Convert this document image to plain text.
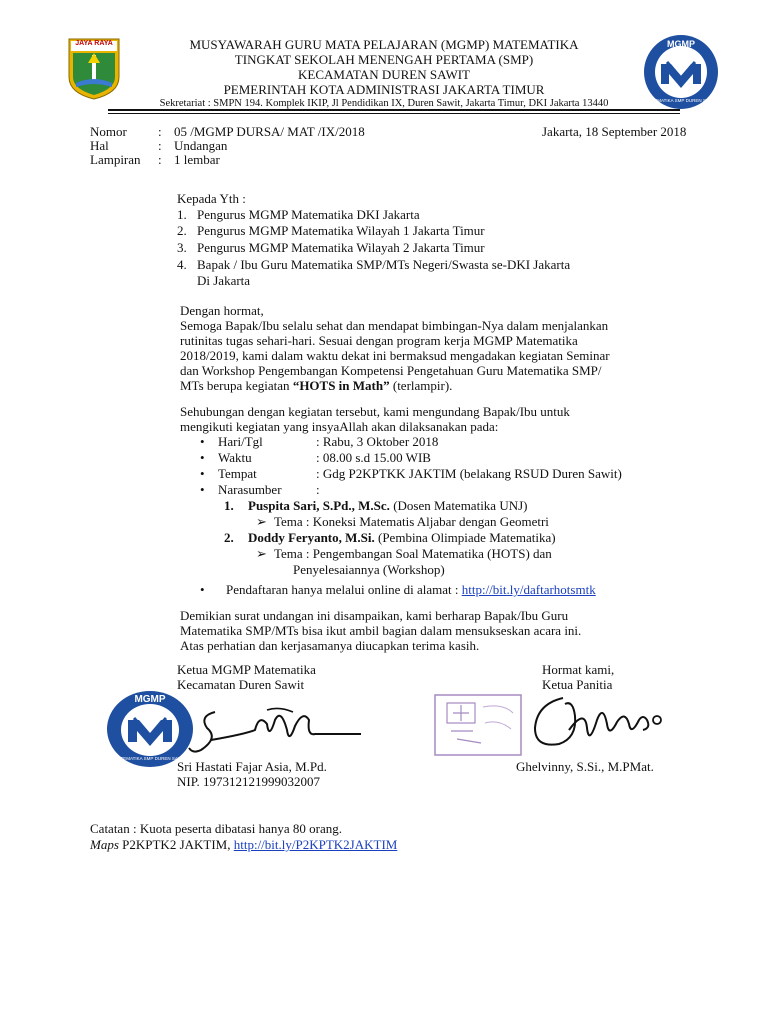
JAYA RAYA	MUSYAWARAH GURU MATA PELAJARAN (MGMP) MATEMATIKA
TINGKAT SEKOLAH MENENGAH PERTAMA (SMP)
KECAMATAN DUREN SAWIT
PEMERINTAH KOTA ADMINISTRASI JAKARTA TIMUR
Sekretariat : SMPN 194. Komplek IKIP, Jl Pendidikan IX, Duren Sawit, Jakarta Timur, DKI Jakarta 13440
MGMP
MATEMATIKA SMP DUREN SAWIT
Nomor : 05 /MGMP DURSA/ MAT /IX/2018	Jakarta, 18 September 2018
Hal	: Undangan
Lampiran : 1 lembar
Kepada Yth :
1. Pengurus MGMP Matematika DKI Jakarta
2. Pengurus MGMP Matematika Wilayah 1 Jakarta Timur
3. Pengurus MGMP Matematika Wilayah 2 Jakarta Timur
4. Bapak / Ibu Guru Matematika SMP/MTs Negeri/Swasta se-DKI Jakarta
Di Jakarta
Dengan hormat,
Semoga Bapak/Ibu selalu sehat dan mendapat bimbingan-Nya dalam menjalankan
rutinitas tugas sehari-hari. Sesuai dengan program kerja MGMP Matematika
2018/2019, kami dalam waktu dekat ini bermaksud mengadakan kegiatan Seminar
dan Workshop Pengembangan Kompetensi Pengetahuan Guru Matematika SMP/
MTs berupa kegiatan “HOTS in Math” (terlampir).
Sehubungan dengan kegiatan tersebut, kami mengundang Bapak/Ibu untuk
mengikuti kegiatan yang insyaAllah akan dilaksanakan pada:
• Hari/Tgl	: Rabu, 3 Oktober 2018
• Waktu	: 08.00 s.d 15.00 WIB
• Tempat	: Gdg P2KPTKK JAKTIM (belakang RSUD Duren Sawit)
• Narasumber	:
1. Puspita Sari, S.Pd., M.Sc. (Dosen Matematika UNJ)
➢ Tema : Koneksi Matematis Aljabar dengan Geometri
2. Doddy Feryanto, M.Si. (Pembina Olimpiade Matematika)
➢ Tema : Pengembangan Soal Matematika (HOTS) dan
Penyelesaiannya (Workshop)
• Pendaftaran hanya melalui online di alamat : http://bit.ly/daftarhotsmtk
Demikian surat undangan ini disampaikan, kami berharap Bapak/Ibu Guru
Matematika SMP/MTs bisa ikut ambil bagian dalam mensukseskan acara ini.
Atas perhatian dan kerjasamanya diucapkan terima kasih.
Ketua MGMP Matematika
Kecamatan Duren Sawit
Hormat kami,
Ketua Panitia
MGMP
MATEMATIKA SMP DUREN SAWIT
Sri Hastati Fajar Asia, M.Pd.
NIP. 197312121999032007
Ghelvinny, S.Si., M.PMat.
Catatan : Kuota peserta dibatasi hanya 80 orang.
Maps P2KPTK2 JAKTIM, http://bit.ly/P2KPTK2JAKTIM
